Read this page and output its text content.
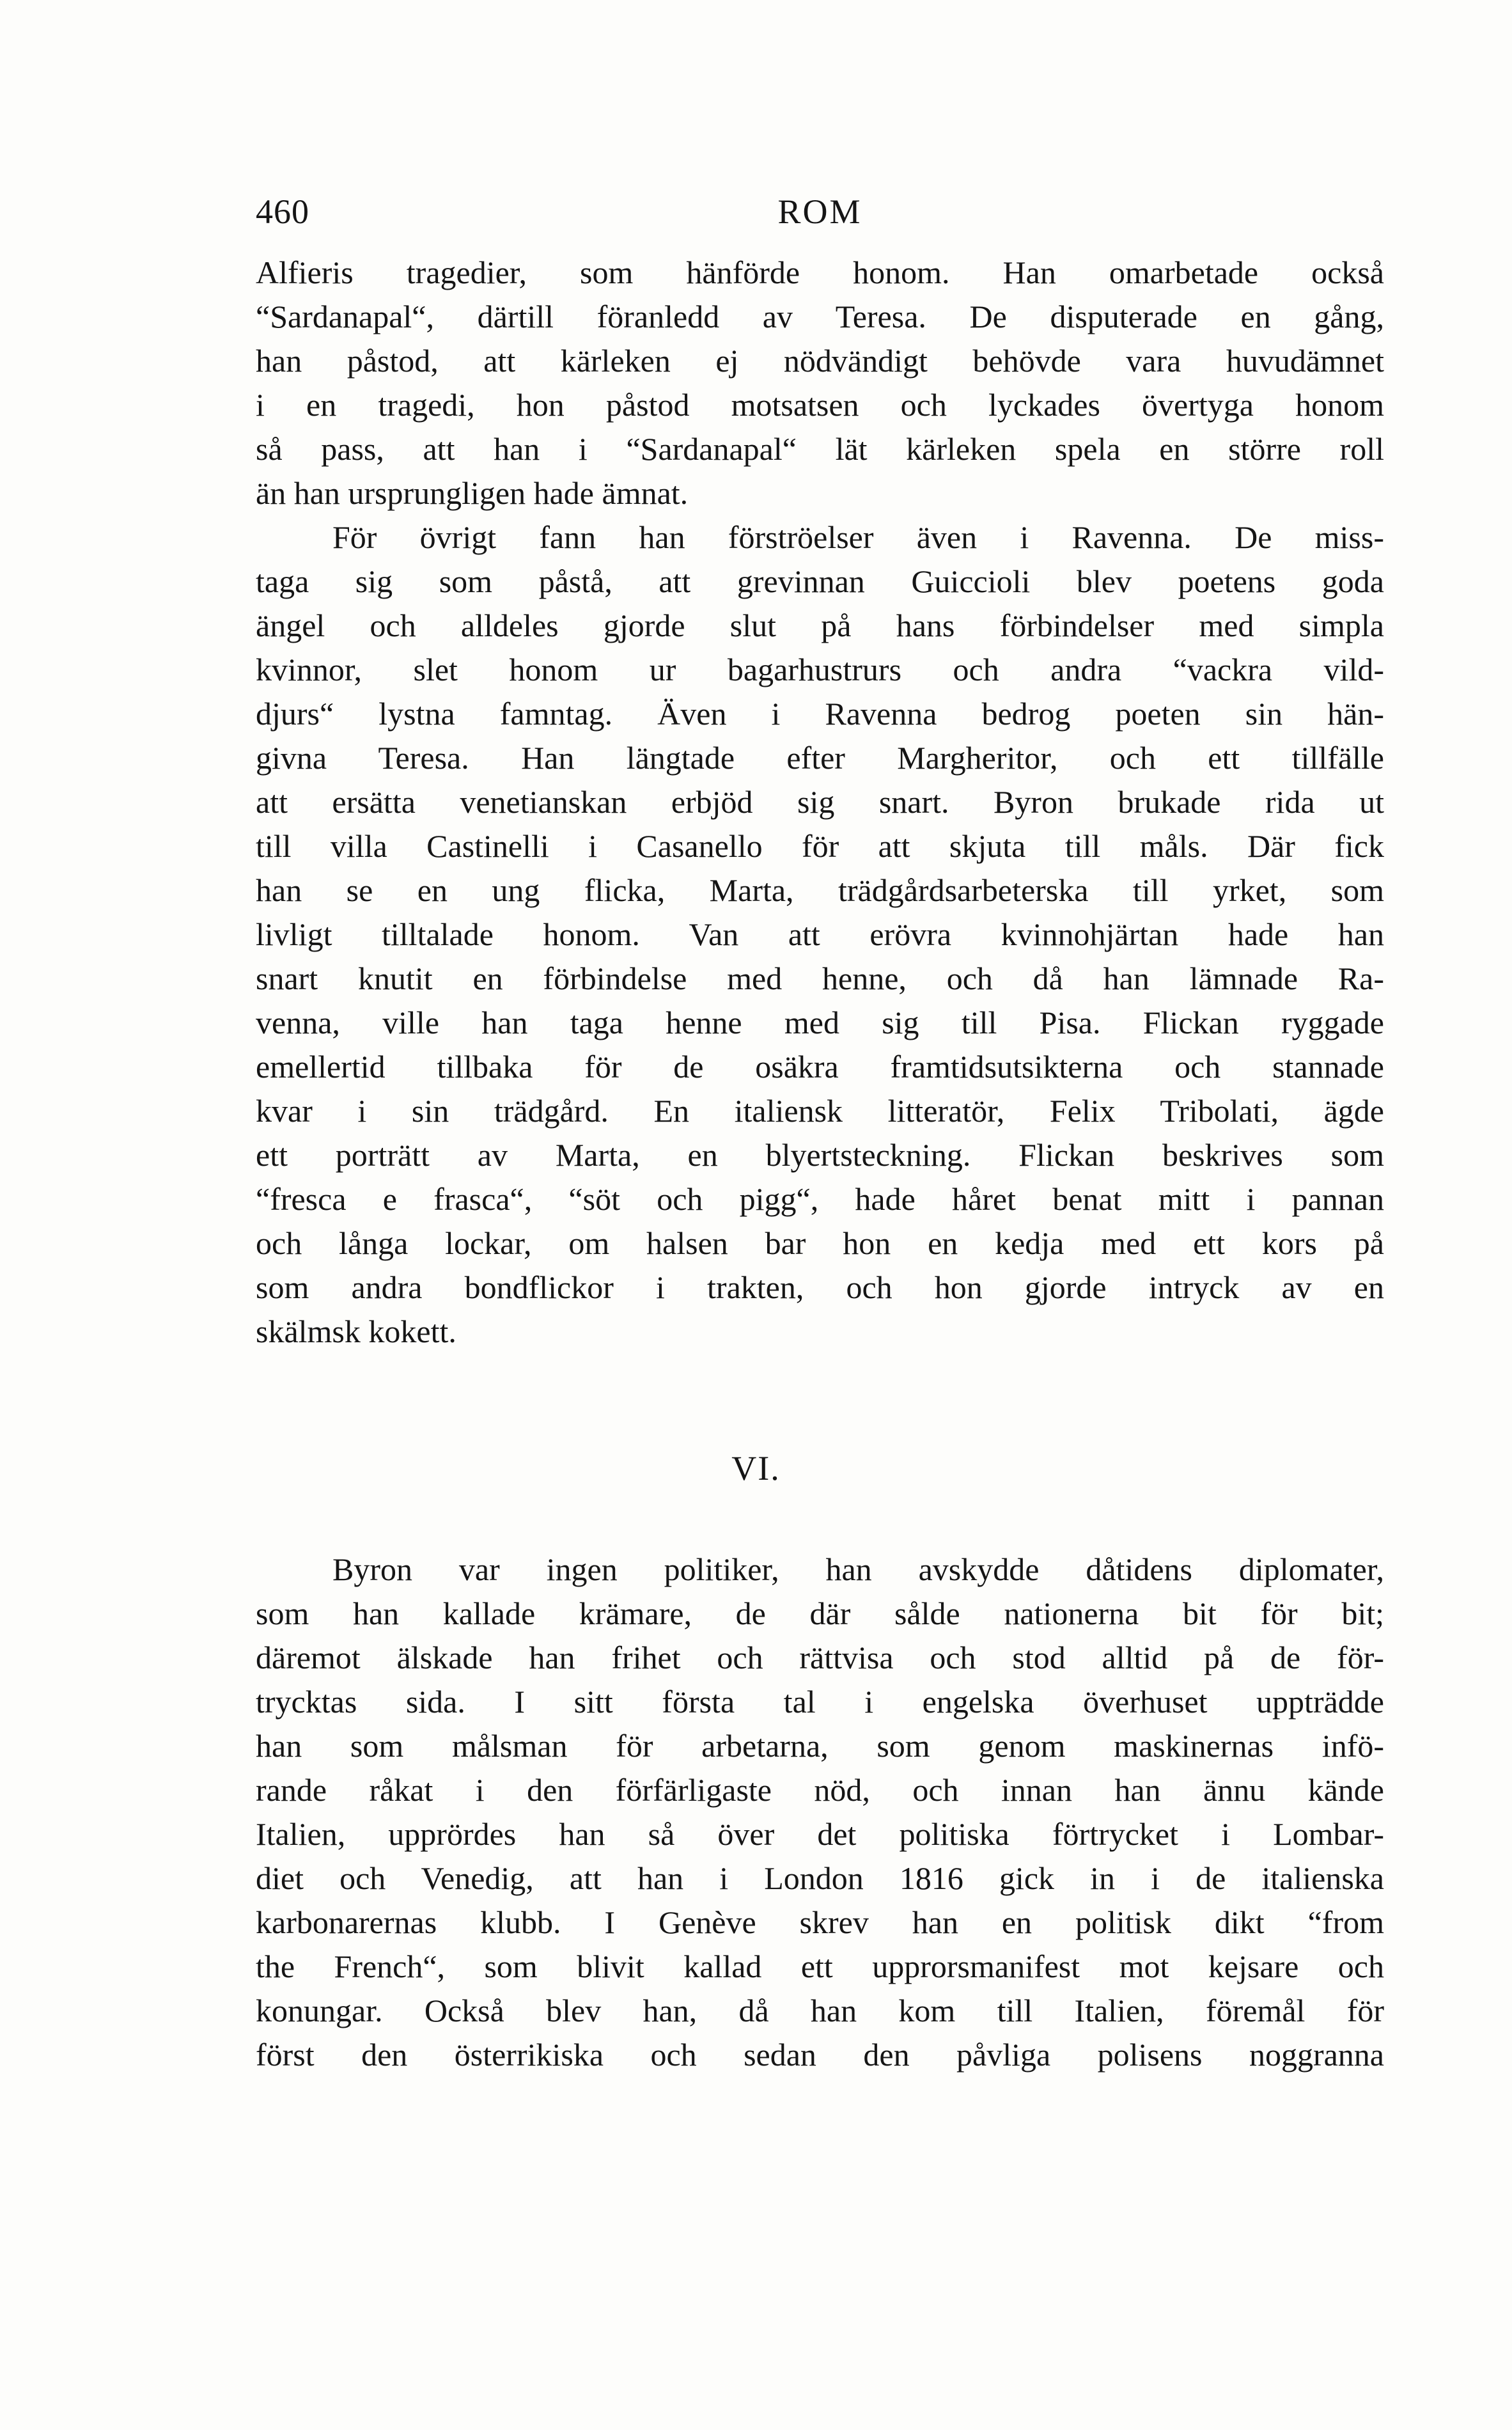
460	ROM
Alfieris tragedier, som hänförde honom. Han omarbetade också
“Sardanapal“, därtill föranledd av Teresa. De disputerade en gång,
han påstod, att kärleken ej nödvändigt behövde vara huvudämnet
i en tragedi, hon påstod motsatsen och lyckades övertyga honom
så pass, att han i “Sardanapal“ lät kärleken spela en större roll
än han ursprungligen hade ämnat.
För övrigt fann han förströelser även i Ravenna. De miss-
taga sig som påstå, att grevinnan Guiccioli blev poetens goda
ängel och alldeles gjorde slut på hans förbindelser med simpla
kvinnor, slet honom ur bagarhustrurs och andra “vackra vild-
djurs“ lystna famntag. Även i Ravenna bedrog poeten sin hän-
givna Teresa. Han längtade efter Margheritor, och ett tillfälle
att ersätta venetianskan erbjöd sig snart. Byron brukade rida ut
till villa Castinelli i Casanello för att skjuta till måls. Där fick
han se en ung flicka, Marta, trädgårdsarbeterska till yrket, som
livligt tilltalade honom. Van att erövra kvinnohjärtan hade han
snart knutit en förbindelse med henne, och då han lämnade Ra-
venna, ville han taga henne med sig till Pisa. Flickan ryggade
emellertid tillbaka för de osäkra framtidsutsikterna och stannade
kvar i sin trädgård. En italiensk litteratör, Felix Tribolati, ägde
ett porträtt av Marta, en blyertsteckning. Flickan beskrives som
“fresca e frasca“, “söt och pigg“, hade håret benat mitt i pannan
och långa lockar, om halsen bar hon en kedja med ett kors på
som andra bondflickor i trakten, och hon gjorde intryck av en
skälmsk kokett.
VI.
Byron var ingen politiker, han avskydde dåtidens diplomater,
som han kallade krämare, de där sålde nationerna bit för bit;
däremot älskade han frihet och rättvisa och stod alltid på de för-
trycktas sida. I sitt första tal i engelska överhuset uppträdde
han som målsman för arbetarna, som genom maskinernas infö-
rande råkat i den förfärligaste nöd, och innan han ännu kände
Italien, upprördes han så över det politiska förtrycket i Lombar-
diet och Venedig, att han i London 1816 gick in i de italienska
karbonarernas klubb. I Genève skrev han en politisk dikt “from
the French“, som blivit kallad ett upprorsmanifest mot kejsare och
konungar. Också blev han, då han kom till Italien, föremål för
först den österrikiska och sedan den påvliga polisens noggranna
